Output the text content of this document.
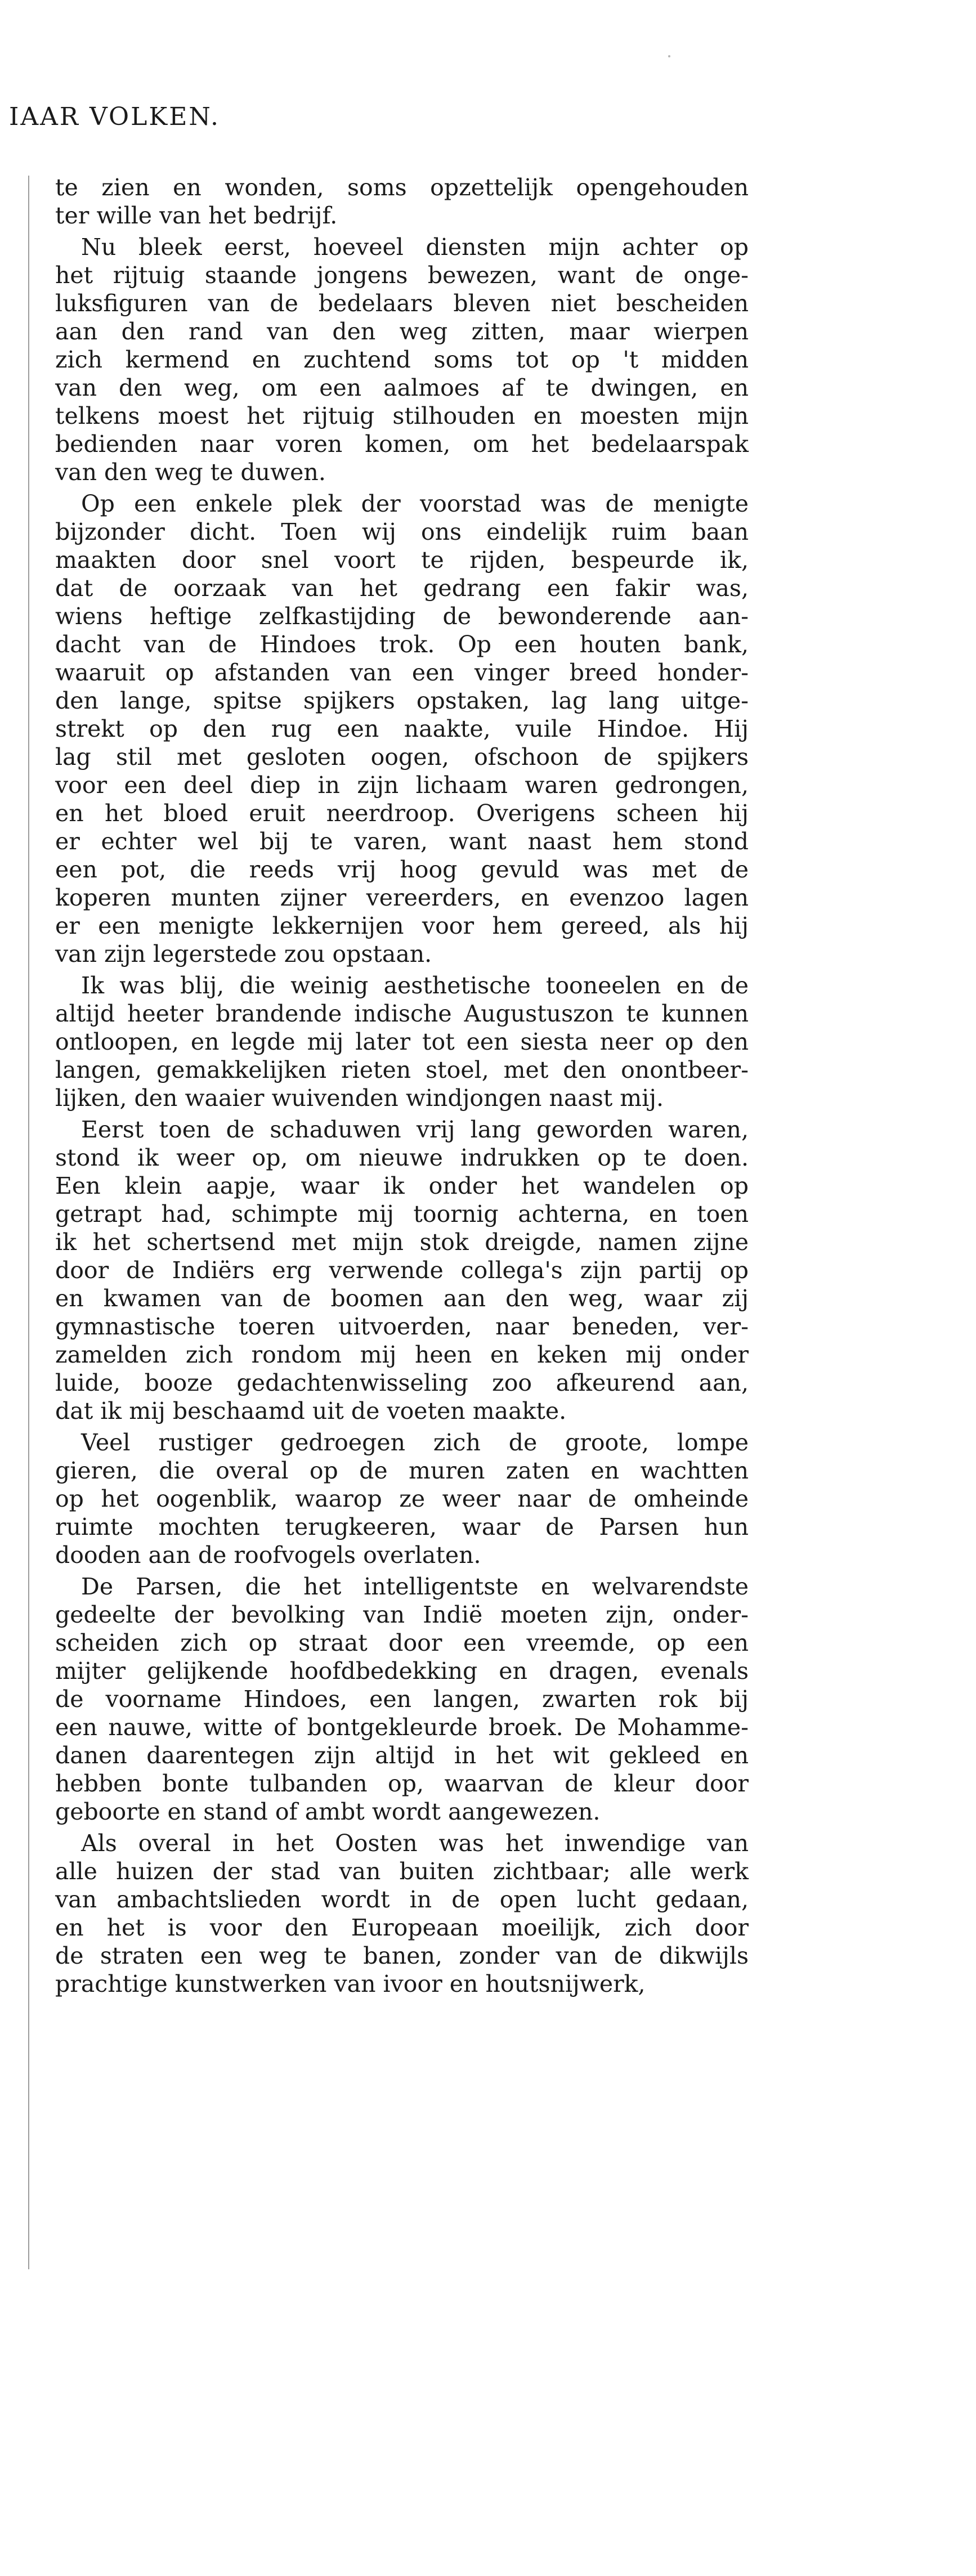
IAAR VOLKEN.
te zien en wonden, soms opzettelijk opengehouden
ter wille van het bedrijf.
Nu bleek eerst, hoeveel diensten mijn achter op
het rijtuig staande jongens bewezen, want de onge-
luksfiguren van de bedelaars bleven niet bescheiden
aan den rand van den weg zitten, maar wierpen
zich kermend en zuchtend soms tot op 't midden
van den weg, om een aalmoes af te dwingen, en
telkens moest het rijtuig stilhouden en moesten mijn
bedienden naar voren komen, om het bedelaarspak
van den weg te duwen.
Op een enkele plek der voorstad was de menigte
bijzonder dicht. Toen wij ons eindelijk ruim baan
maakten door snel voort te rijden, bespeurde ik,
dat de oorzaak van het gedrang een fakir was,
wiens heftige zelfkastijding de bewonderende aan-
dacht van de Hindoes trok. Op een houten bank,
waaruit op afstanden van een vinger breed honder-
den lange, spitse spijkers opstaken, lag lang uitge-
strekt op den rug een naakte, vuile Hindoe. Hij
lag stil met gesloten oogen, ofschoon de spijkers
voor een deel diep in zijn lichaam waren gedrongen,
en het bloed eruit neerdroop. Overigens scheen hij
er echter wel bij te varen, want naast hem stond
een pot, die reeds vrij hoog gevuld was met de
koperen munten zijner vereerders, en evenzoo lagen
er een menigte lekkernijen voor hem gereed, als hij
van zijn legerstede zou opstaan.
Ik was blij, die weinig aesthetische tooneelen en de
altijd heeter brandende indische Augustuszon te kunnen
ontloopen, en legde mij later tot een siesta neer op den
langen, gemakkelijken rieten stoel, met den onontbeer-
lijken, den waaier wuivenden windjongen naast mij.
Eerst toen de schaduwen vrij lang geworden waren,
stond ik weer op, om nieuwe indrukken op te doen.
Een klein aapje, waar ik onder het wandelen op
getrapt had, schimpte mij toornig achterna, en toen
ik het schertsend met mijn stok dreigde, namen zijne
door de Indiërs erg verwende collega's zijn partij op
en kwamen van de boomen aan den weg, waar zij
gymnastische toeren uitvoerden, naar beneden, ver-
zamelden zich rondom mij heen en keken mij onder
luide, booze gedachtenwisseling zoo afkeurend aan,
dat ik mij beschaamd uit de voeten maakte.
Veel rustiger gedroegen zich de groote, lompe
gieren, die overal op de muren zaten en wachtten
op het oogenblik, waarop ze weer naar de omheinde
ruimte mochten terugkeeren, waar de Parsen hun
dooden aan de roofvogels overlaten.
De Parsen, die het intelligentste en welvarendste
gedeelte der bevolking van Indië moeten zijn, onder-
scheiden zich op straat door een vreemde, op een
mijter gelijkende hoofdbedekking en dragen, evenals
de voorname Hindoes, een langen, zwarten rok bij
een nauwe, witte of bontgekleurde broek. De Mohamme-
danen daarentegen zijn altijd in het wit gekleed en
hebben bonte tulbanden op, waarvan de kleur door
geboorte en stand of ambt wordt aangewezen.
Als overal in het Oosten was het inwendige van
alle huizen der stad van buiten zichtbaar; alle werk
van ambachtslieden wordt in de open lucht gedaan,
en het is voor den Europeaan moeilijk, zich door
de straten een weg te banen, zonder van de dikwijls
prachtige kunstwerken van ivoor en houtsnijwerk,
